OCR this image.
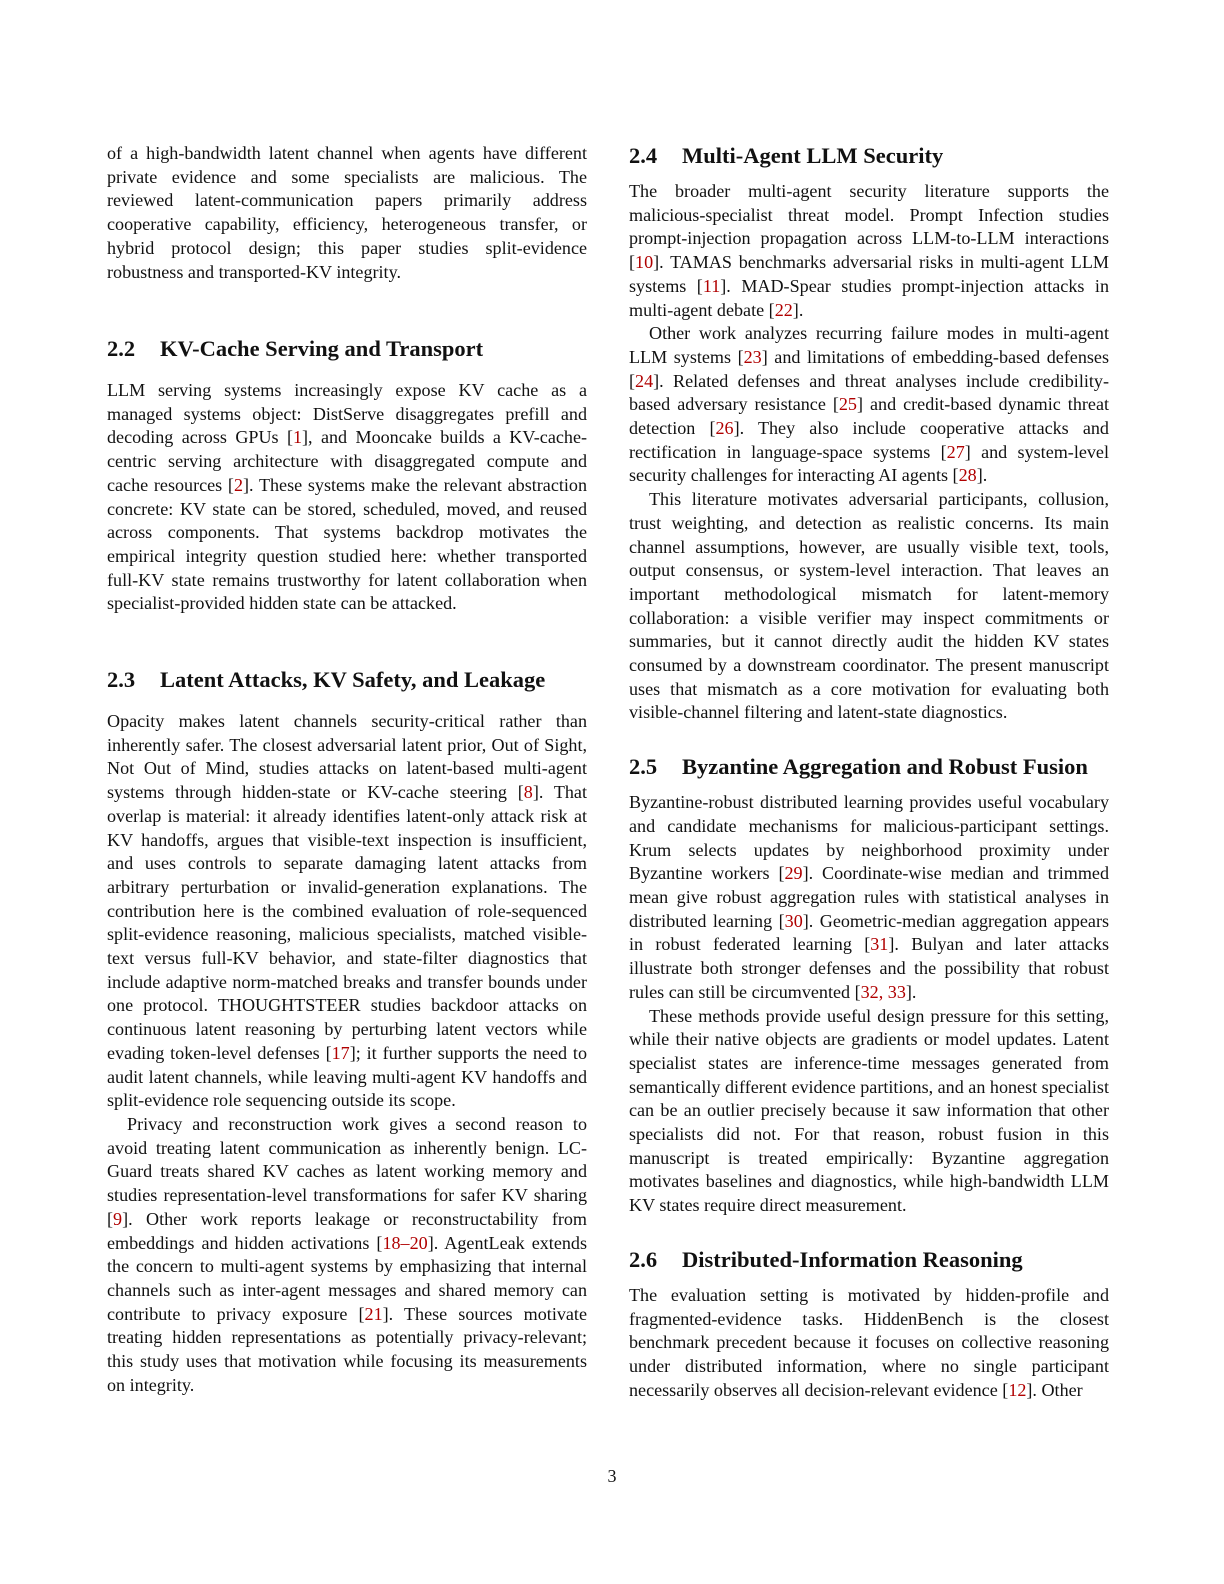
of a high-bandwidth latent channel when agents have different private evidence and some specialists are malicious. The reviewed latent-communication papers primarily address cooperative capability, efficiency, heterogeneous transfer, or hybrid protocol design; this paper studies split-evidence robustness and transported-KV integrity.

2.2 KV-Cache Serving and Transport

LLM serving systems increasingly expose KV cache as a managed systems object: DistServe disaggregates prefill and decoding across GPUs [1], and Mooncake builds a KV-cache-centric serving architecture with disaggregated compute and cache resources [2]. These systems make the relevant abstraction concrete: KV state can be stored, scheduled, moved, and reused across components. That systems backdrop motivates the empirical integrity question studied here: whether transported full-KV state remains trustworthy for latent collaboration when specialist-provided hidden state can be attacked.

2.3 Latent Attacks, KV Safety, and Leakage

Opacity makes latent channels security-critical rather than inherently safer. The closest adversarial latent prior, Out of Sight, Not Out of Mind, studies attacks on latent-based multi-agent systems through hidden-state or KV-cache steering [8]. That overlap is material: it already identifies latent-only attack risk at KV handoffs, argues that visible-text inspection is insufficient, and uses controls to separate damaging latent attacks from arbitrary perturbation or invalid-generation explanations. The contribution here is the combined evaluation of role-sequenced split-evidence reasoning, malicious specialists, matched visible-text versus full-KV behavior, and state-filter diagnostics that include adaptive norm-matched breaks and transfer bounds under one protocol. THOUGHTSTEER studies backdoor attacks on continuous latent reasoning by perturbing latent vectors while evading token-level defenses [17]; it further supports the need to audit latent channels, while leaving multi-agent KV handoffs and split-evidence role sequencing outside its scope.

Privacy and reconstruction work gives a second reason to avoid treating latent communication as inherently benign. LC-Guard treats shared KV caches as latent working memory and studies representation-level transformations for safer KV sharing [9]. Other work reports leakage or reconstructability from embeddings and hidden activations [18–20]. AgentLeak extends the concern to multi-agent systems by emphasizing that internal channels such as inter-agent messages and shared memory can contribute to privacy exposure [21]. These sources motivate treating hidden representations as potentially privacy-relevant; this study uses that motivation while focusing its measurements on integrity.

2.4 Multi-Agent LLM Security

The broader multi-agent security literature supports the malicious-specialist threat model. Prompt Infection studies prompt-injection propagation across LLM-to-LLM interactions [10]. TAMAS benchmarks adversarial risks in multi-agent LLM systems [11]. MAD-Spear studies prompt-injection attacks in multi-agent debate [22].

Other work analyzes recurring failure modes in multi-agent LLM systems [23] and limitations of embedding-based defenses [24]. Related defenses and threat analyses include credibility-based adversary resistance [25] and credit-based dynamic threat detection [26]. They also include cooperative attacks and rectification in language-space systems [27] and system-level security challenges for interacting AI agents [28].

This literature motivates adversarial participants, collusion, trust weighting, and detection as realistic concerns. Its main channel assumptions, however, are usually visible text, tools, output consensus, or system-level interaction. That leaves an important methodological mismatch for latent-memory collaboration: a visible verifier may inspect commitments or summaries, but it cannot directly audit the hidden KV states consumed by a downstream coordinator. The present manuscript uses that mismatch as a core motivation for evaluating both visible-channel filtering and latent-state diagnostics.

2.5 Byzantine Aggregation and Robust Fusion

Byzantine-robust distributed learning provides useful vocabulary and candidate mechanisms for malicious-participant settings. Krum selects updates by neighborhood proximity under Byzantine workers [29]. Coordinate-wise median and trimmed mean give robust aggregation rules with statistical analyses in distributed learning [30]. Geometric-median aggregation appears in robust federated learning [31]. Bulyan and later attacks illustrate both stronger defenses and the possibility that robust rules can still be circumvented [32, 33].

These methods provide useful design pressure for this setting, while their native objects are gradients or model updates. Latent specialist states are inference-time messages generated from semantically different evidence partitions, and an honest specialist can be an outlier precisely because it saw information that other specialists did not. For that reason, robust fusion in this manuscript is treated empirically: Byzantine aggregation motivates baselines and diagnostics, while high-bandwidth LLM KV states require direct measurement.

2.6 Distributed-Information Reasoning

The evaluation setting is motivated by hidden-profile and fragmented-evidence tasks. HiddenBench is the closest benchmark precedent because it focuses on collective reasoning under distributed information, where no single participant necessarily observes all decision-relevant evidence [12]. Other

3
